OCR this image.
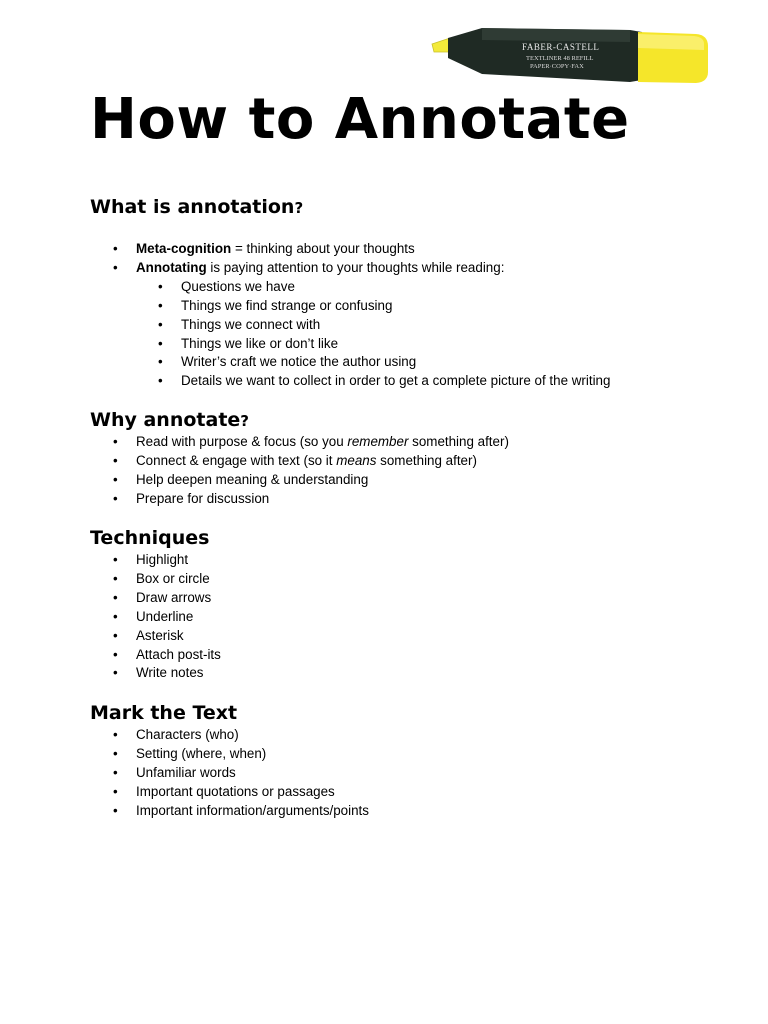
FABER-CASTELL
TEXTLINER 48 REFILL
PAPER·COPY·FAX
How to Annotate
What is annotation?
• Meta-cognition = thinking about your thoughts
• Annotating is paying attention to your thoughts while reading:
• Questions we have
• Things we find strange or confusing
• Things we connect with
• Things we like or don’t like
• Writer’s craft we notice the author using
• Details we want to collect in order to get a complete picture of the writing
Why annotate?
• Read with purpose & focus (so you remember something after)
• Connect & engage with text (so it means something after)
• Help deepen meaning & understanding
• Prepare for discussion
Techniques
• Highlight
• Box or circle
• Draw arrows
• Underline
• Asterisk
• Attach post-its
• Write notes
Mark the Text
• Characters (who)
• Setting (where, when)
• Unfamiliar words
• Important quotations or passages
• Important information/arguments/points
